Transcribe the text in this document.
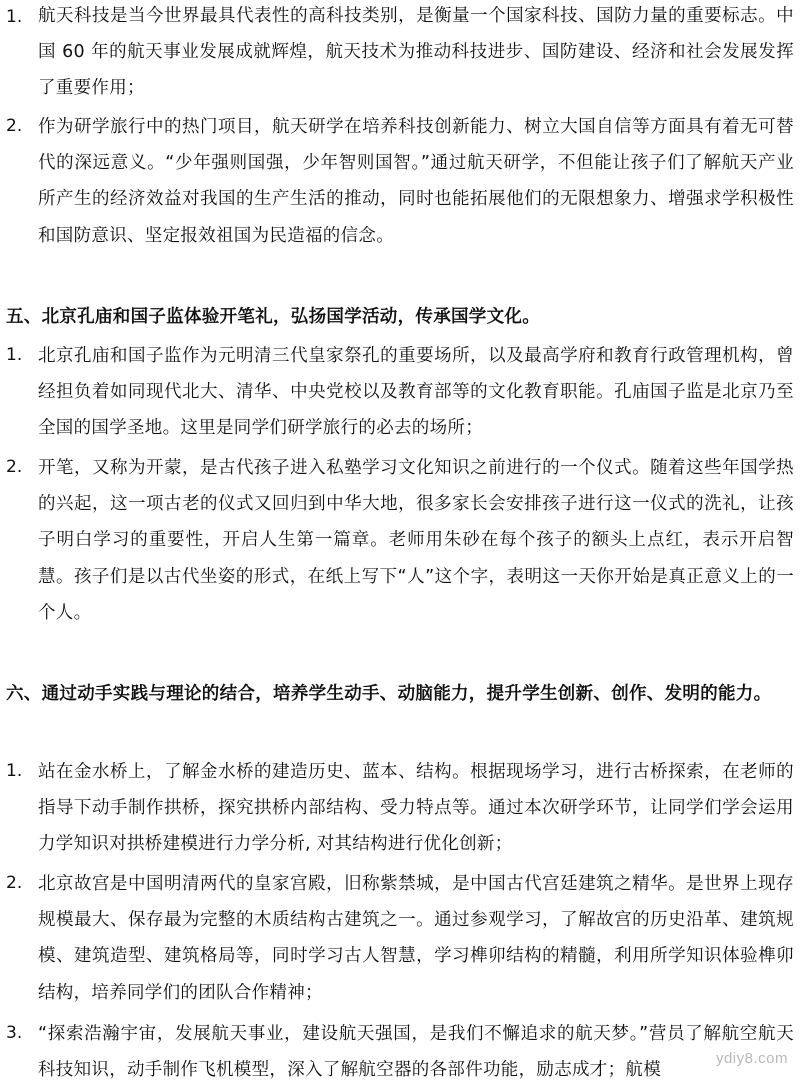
1. 航天科技是当今世界最具代表性的高科技类别，是衡量一个国家科技、国防力量的重要标志。中国 60 年的航天事业发展成就辉煌，航天技术为推动科技进步、国防建设、经济和社会发展发挥了重要作用；
2. 作为研学旅行中的热门项目，航天研学在培养科技创新能力、树立大国自信等方面具有着无可替代的深远意义。“少年强则国强，少年智则国智。”通过航天研学，不但能让孩子们了解航天产业所产生的经济效益对我国的生产生活的推动，同时也能拓展他们的无限想象力、增强求学积极性和国防意识、坚定报效祖国为民造福的信念。
五、北京孔庙和国子监体验开笔礼，弘扬国学活动，传承国学文化。
1. 北京孔庙和国子监作为元明清三代皇家祭孔的重要场所，以及最高学府和教育行政管理机构，曾经担负着如同现代北大、清华、中央党校以及教育部等的文化教育职能。孔庙国子监是北京乃至全国的国学圣地。这里是同学们研学旅行的必去的场所；
2. 开笔，又称为开蒙，是古代孩子进入私塾学习文化知识之前进行的一个仪式。随着这些年国学热的兴起，这一项古老的仪式又回归到中华大地，很多家长会安排孩子进行这一仪式的洗礼，让孩子明白学习的重要性，开启人生第一篇章。老师用朱砂在每个孩子的额头上点红，表示开启智慧。孩子们是以古代坐姿的形式，在纸上写下“人”这个字，表明这一天你开始是真正意义上的一个人。
六、通过动手实践与理论的结合，培养学生动手、动脑能力，提升学生创新、创作、发明的能力。
1. 站在金水桥上，了解金水桥的建造历史、蓝本、结构。根据现场学习，进行古桥探索，在老师的指导下动手制作拱桥，探究拱桥内部结构、受力特点等。通过本次研学环节，让同学们学会运用力学知识对拱桥建模进行力学分析, 对其结构进行优化创新；
2. 北京故宫是中国明清两代的皇家宫殿，旧称紫禁城，是中国古代宫廷建筑之精华。是世界上现存规模最大、保存最为完整的木质结构古建筑之一。通过参观学习，了解故宫的历史沿革、建筑规模、建筑造型、建筑格局等，同时学习古人智慧，学习榫卯结构的精髓，利用所学知识体验榫卯结构，培养同学们的团队合作精神；
3. “探索浩瀚宇宙，发展航天事业，建设航天强国，是我们不懈追求的航天梦。”营员了解航空航天科技知识，动手制作飞机模型，深入了解航空器的各部件功能，励志成才；航模
ydiy8.com
